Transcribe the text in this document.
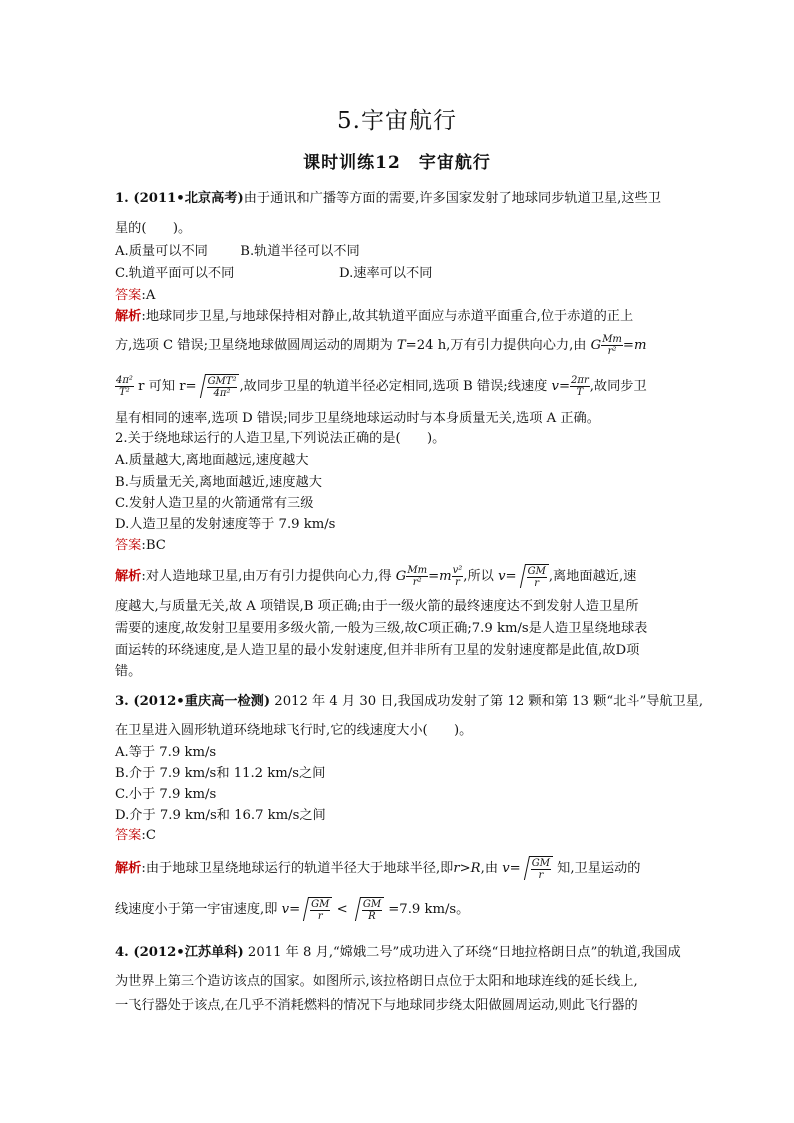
5.宇宙航行
课时训练12　宇宙航行
1. (2011•北京高考)由于通讯和广播等方面的需要,许多国家发射了地球同步轨道卫星,这些卫
星的(　　)。
A.质量可以不同 B.轨道半径可以不同
C.轨道平面可以不同	D.速率可以不同
答案:A
解析:地球同步卫星,与地球保持相对静止,故其轨道平面应与赤道平面重合,位于赤道的正上
方,选项 C 错误;卫星绕地球做圆周运动的周期为 T=24 h,万有引力提供向心力,由 G $\frac{Mm}{\text{r²}} =m$
$\frac{\text{4π²}}{\text{T²}}$ r 可知 $r= \frac{\text{GMT²}}{\text{4π²}}$ ,故同步卫星的轨道半径必定相同,选项 B 错误;线速度 $v= \frac{2\pi r}{T}$ ,故同步卫
星有相同的速率,选项 D 错误;同步卫星绕地球运动时与本身质量无关,选项 A 正确。
2.关于绕地球运行的人造卫星,下列说法正确的是(　　)。
A.质量越大,离地面越远,速度越大
B.与质量无关,离地面越近,速度越大
C.发射人造卫星的火箭通常有三级
D.人造卫星的发射速度等于 7.9 km/s
答案:BC
解析:对人造地球卫星,由万有引力提供向心力,得 G $\frac{Mm}{\text{r²}} =m \frac{\text{v²}}{r}$ ,所以 $v= \frac{GM}{r}$ ,离地面越近,速
度越大,与质量无关,故 A 项错误,B 项正确;由于一级火箭的最终速度达不到发射人造卫星所
需要的速度,故发射卫星要用多级火箭,一般为三级,故C项正确;7.9 km/s是人造卫星绕地球表
面运转的环绕速度,是人造卫星的最小发射速度,但并非所有卫星的发射速度都是此值,故D项
错。
3. (2012•重庆高一检测) 2012 年 4 月 30 日,我国成功发射了第 12 颗和第 13 颗“北斗”导航卫星,
在卫星进入圆形轨道环绕地球飞行时,它的线速度大小(　　)。
A.等于 7.9 km/s
B.介于 7.9 km/s和 11.2 km/s之间
C.小于 7.9 km/s
D.介于 7.9 km/s和 16.7 km/s之间
答案:C
解析:由于地球卫星绕地球运行的轨道半径大于地球半径,即r>R,由 $v= \frac{GM}{r}$ 知,卫星运动的
线速度小于第一宇宙速度,即 $v= \frac{GM}{r} < \frac{GM}{R} =7.9$ km/s。
4. (2012•江苏单科) 2011 年 8 月,“嫦娥二号”成功进入了环绕“日地拉格朗日点”的轨道,我国成
为世界上第三个造访该点的国家。如图所示,该拉格朗日点位于太阳和地球连线的延长线上,
一飞行器处于该点,在几乎不消耗燃料的情况下与地球同步绕太阳做圆周运动,则此飞行器的
